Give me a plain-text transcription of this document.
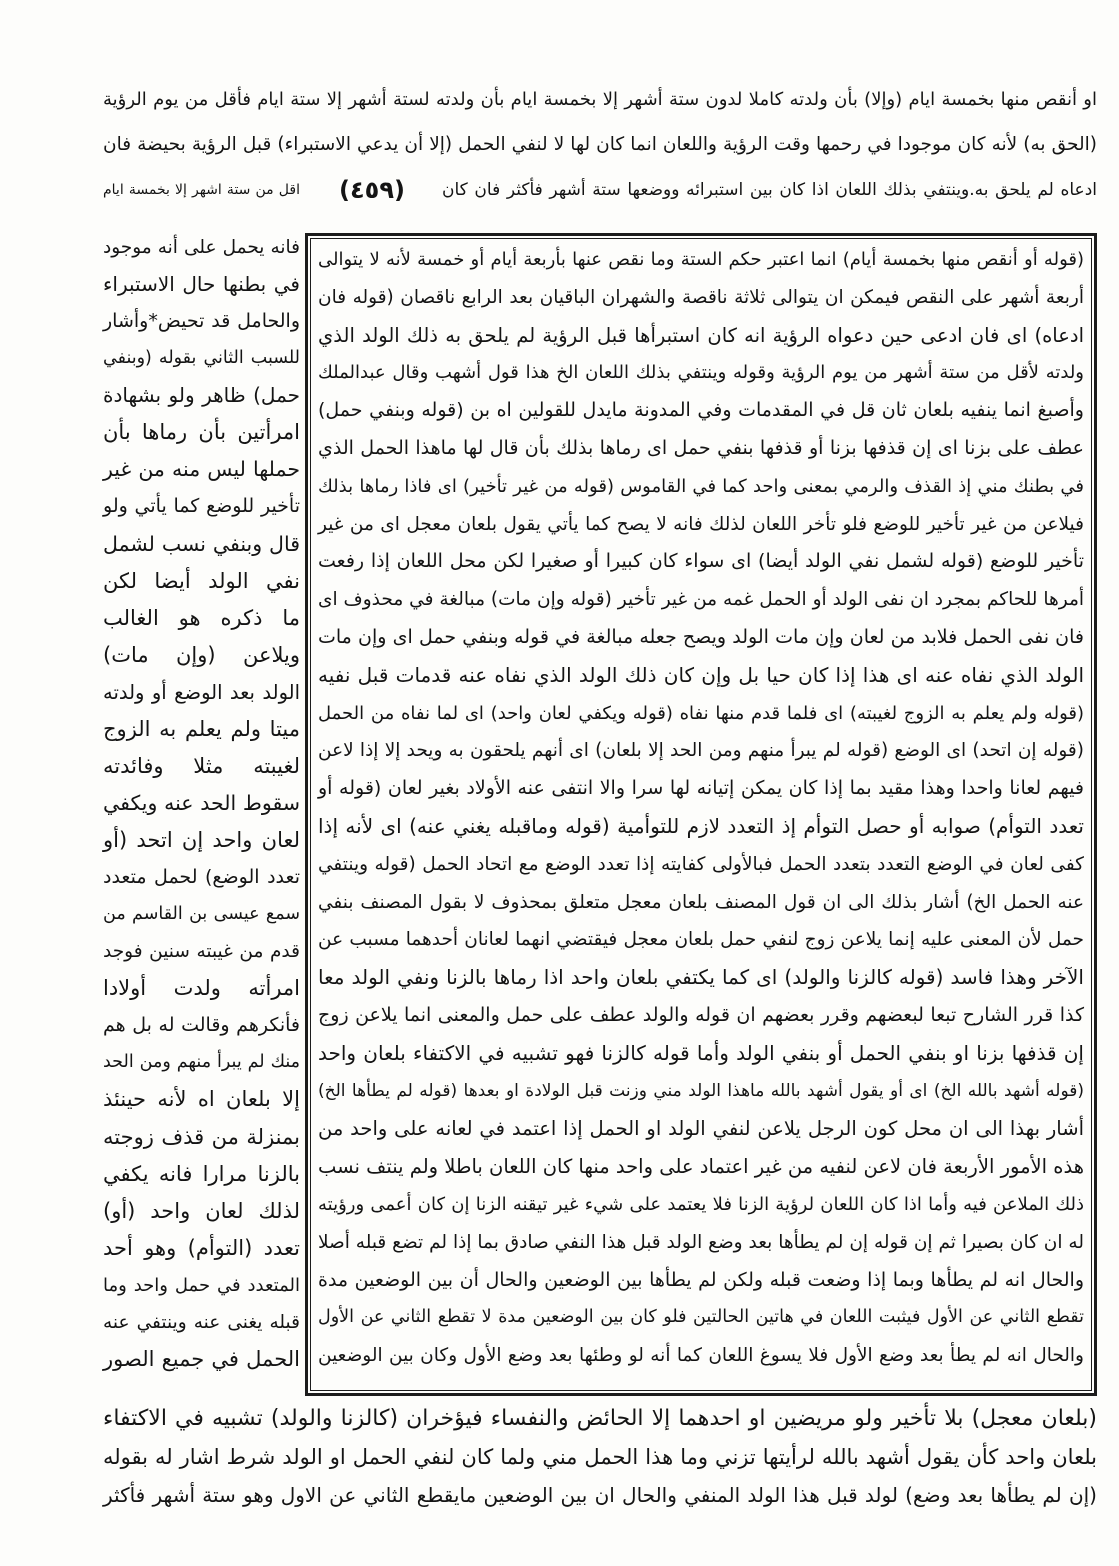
او أنقص منها بخمسة ايام (وإلا) بأن ولدته كاملا لدون ستة أشهر إلا بخمسة ايام بأن ولدته لستة أشهر إلا ستة ايام فأقل من يوم الرؤية
(الحق به) لأنه كان موجودا في رحمها وقت الرؤية واللعان انما كان لها لا لنفي الحمل (إلا أن يدعي الاستبراء) قبل الرؤية بحيضة فان
ادعاه لم يلحق به.وينتفي بذلك اللعان اذا كان بين استبرائه ووضعها ستة أشهر فأكثر فان كان
(٤٥٩)
اقل من ستة اشهر إلا بخمسة ايام
(قوله أو أنقص منها بخمسة أيام) انما اعتبر حكم الستة وما نقص عنها بأربعة أيام أو خمسة لأنه لا يتوالى
أربعة أشهر على النقص فيمكن ان يتوالى ثلاثة ناقصة والشهران الباقيان بعد الرابع ناقصان (قوله فان
ادعاه) اى فان ادعى حين دعواه الرؤية انه كان استبرأها قبل الرؤية لم يلحق به ذلك الولد الذي
ولدته لأقل من ستة أشهر من يوم الرؤية وقوله وينتفي بذلك اللعان الخ هذا قول أشهب وقال عبدالملك
وأصبغ انما ينفيه بلعان ثان قل في المقدمات وفي المدونة مايدل للقولين اه بن (قوله وبنفي حمل)
عطف على بزنا اى إن قذفها بزنا أو قذفها بنفي حمل اى رماها بذلك بأن قال لها ماهذا الحمل الذي
في بطنك مني إذ القذف والرمي بمعنى واحد كما في القاموس (قوله من غير تأخير) اى فاذا رماها بذلك
فيلاعن من غير تأخير للوضع فلو تأخر اللعان لذلك فانه لا يصح كما يأتي يقول بلعان معجل اى من غير
تأخير للوضع (قوله لشمل نفي الولد أيضا) اى سواء كان كبيرا أو صغيرا لكن محل اللعان إذا رفعت
أمرها للحاكم بمجرد ان نفى الولد أو الحمل غمه من غير تأخير (قوله وإن مات) مبالغة في محذوف اى
فان نفى الحمل فلابد من لعان وإن مات الولد ويصح جعله مبالغة في قوله وبنفي حمل اى وإن مات
الولد الذي نفاه عنه اى هذا إذا كان حيا بل وإن كان ذلك الولد الذي نفاه عنه قدمات قبل نفيه
(قوله ولم يعلم به الزوج لغيبته) اى فلما قدم منها نفاه (قوله ويكفي لعان واحد) اى لما نفاه من الحمل
(قوله إن اتحد) اى الوضع (قوله لم يبرأ منهم ومن الحد إلا بلعان) اى أنهم يلحقون به ويحد إلا إذا لاعن
فيهم لعانا واحدا وهذا مقيد بما إذا كان يمكن إتيانه لها سرا والا انتفى عنه الأولاد بغير لعان (قوله أو
تعدد التوأم) صوابه أو حصل التوأم إذ التعدد لازم للتوأمية (قوله وماقبله يغني عنه) اى لأنه إذا
كفى لعان في الوضع التعدد بتعدد الحمل فبالأولى كفايته إذا تعدد الوضع مع اتحاد الحمل (قوله وينتفي
عنه الحمل الخ) أشار بذلك الى ان قول المصنف بلعان معجل متعلق بمحذوف لا بقول المصنف بنفي
حمل لأن المعنى عليه إنما يلاعن زوج لنفي حمل بلعان معجل فيقتضي انهما لعانان أحدهما مسبب عن
الآخر وهذا فاسد (قوله كالزنا والولد) اى كما يكتفي بلعان واحد اذا رماها بالزنا ونفي الولد معا
كذا قرر الشارح تبعا لبعضهم وقرر بعضهم ان قوله والولد عطف على حمل والمعنى انما يلاعن زوج
إن قذفها بزنا او بنفي الحمل أو بنفي الولد وأما قوله كالزنا فهو تشبيه في الاكتفاء بلعان واحد
(قوله أشهد بالله الخ) اى أو يقول أشهد بالله ماهذا الولد مني وزنت قبل الولادة او بعدها (قوله لم يطأها الخ)
أشار بهذا الى ان محل كون الرجل يلاعن لنفي الولد او الحمل إذا اعتمد في لعانه على واحد من
هذه الأمور الأربعة فان لاعن لنفيه من غير اعتماد على واحد منها كان اللعان باطلا ولم ينتف نسب
ذلك الملاعن فيه وأما اذا كان اللعان لرؤية الزنا فلا يعتمد على شيء غير تيقنه الزنا إن كان أعمى ورؤيته
له ان كان بصيرا ثم إن قوله إن لم يطأها بعد وضع الولد قبل هذا النفي صادق بما إذا لم تضع قبله أصلا
والحال انه لم يطأها وبما إذا وضعت قبله ولكن لم يطأها بين الوضعين والحال أن بين الوضعين مدة
تقطع الثاني عن الأول فيثبت اللعان في هاتين الحالتين فلو كان بين الوضعين مدة لا تقطع الثاني عن الأول
والحال انه لم يطأ بعد وضع الأول فلا يسوغ اللعان كما أنه لو وطئها بعد وضع الأول وكان بين الوضعين
فانه يحمل على أنه موجود
في بطنها حال الاستبراء
والحامل قد تحيض*وأشار
للسبب الثاني بقوله (وبنفي
حمل) ظاهر ولو بشهادة
امرأتين بأن رماها بأن
حملها ليس منه من غير
تأخير للوضع كما يأتي ولو
قال وبنفي نسب لشمل
نفي الولد أيضا لكن
ما ذكره هو الغالب
ويلاعن (وإن مات)
الولد بعد الوضع أو ولدته
ميتا ولم يعلم به الزوج
لغيبته مثلا وفائدته
سقوط الحد عنه ويكفي
لعان واحد إن اتحد (أو
تعدد الوضع) لحمل متعدد
سمع عيسى بن القاسم من
قدم من غيبته سنين فوجد
امرأته ولدت أولادا
فأنكرهم وقالت له بل هم
منك لم يبرأ منهم ومن الحد
إلا بلعان اه لأنه حينئذ
بمنزلة من قذف زوجته
بالزنا مرارا فانه يكفي
لذلك لعان واحد (أو)
تعدد (التوأم) وهو أحد
المتعدد في حمل واحد وما
قبله يغنى عنه وينتفي عنه
الحمل في جميع الصور
(بلعان معجل) بلا تأخير ولو مريضين او احدهما إلا الحائض والنفساء فيؤخران (كالزنا والولد) تشبيه في الاكتفاء
بلعان واحد كأن يقول أشهد بالله لرأيتها تزني وما هذا الحمل مني ولما كان لنفي الحمل او الولد شرط اشار له بقوله
(إن لم يطأها بعد وضع) لولد قبل هذا الولد المنفي والحال ان بين الوضعين مايقطع الثاني عن الاول وهو ستة أشهر فأكثر
